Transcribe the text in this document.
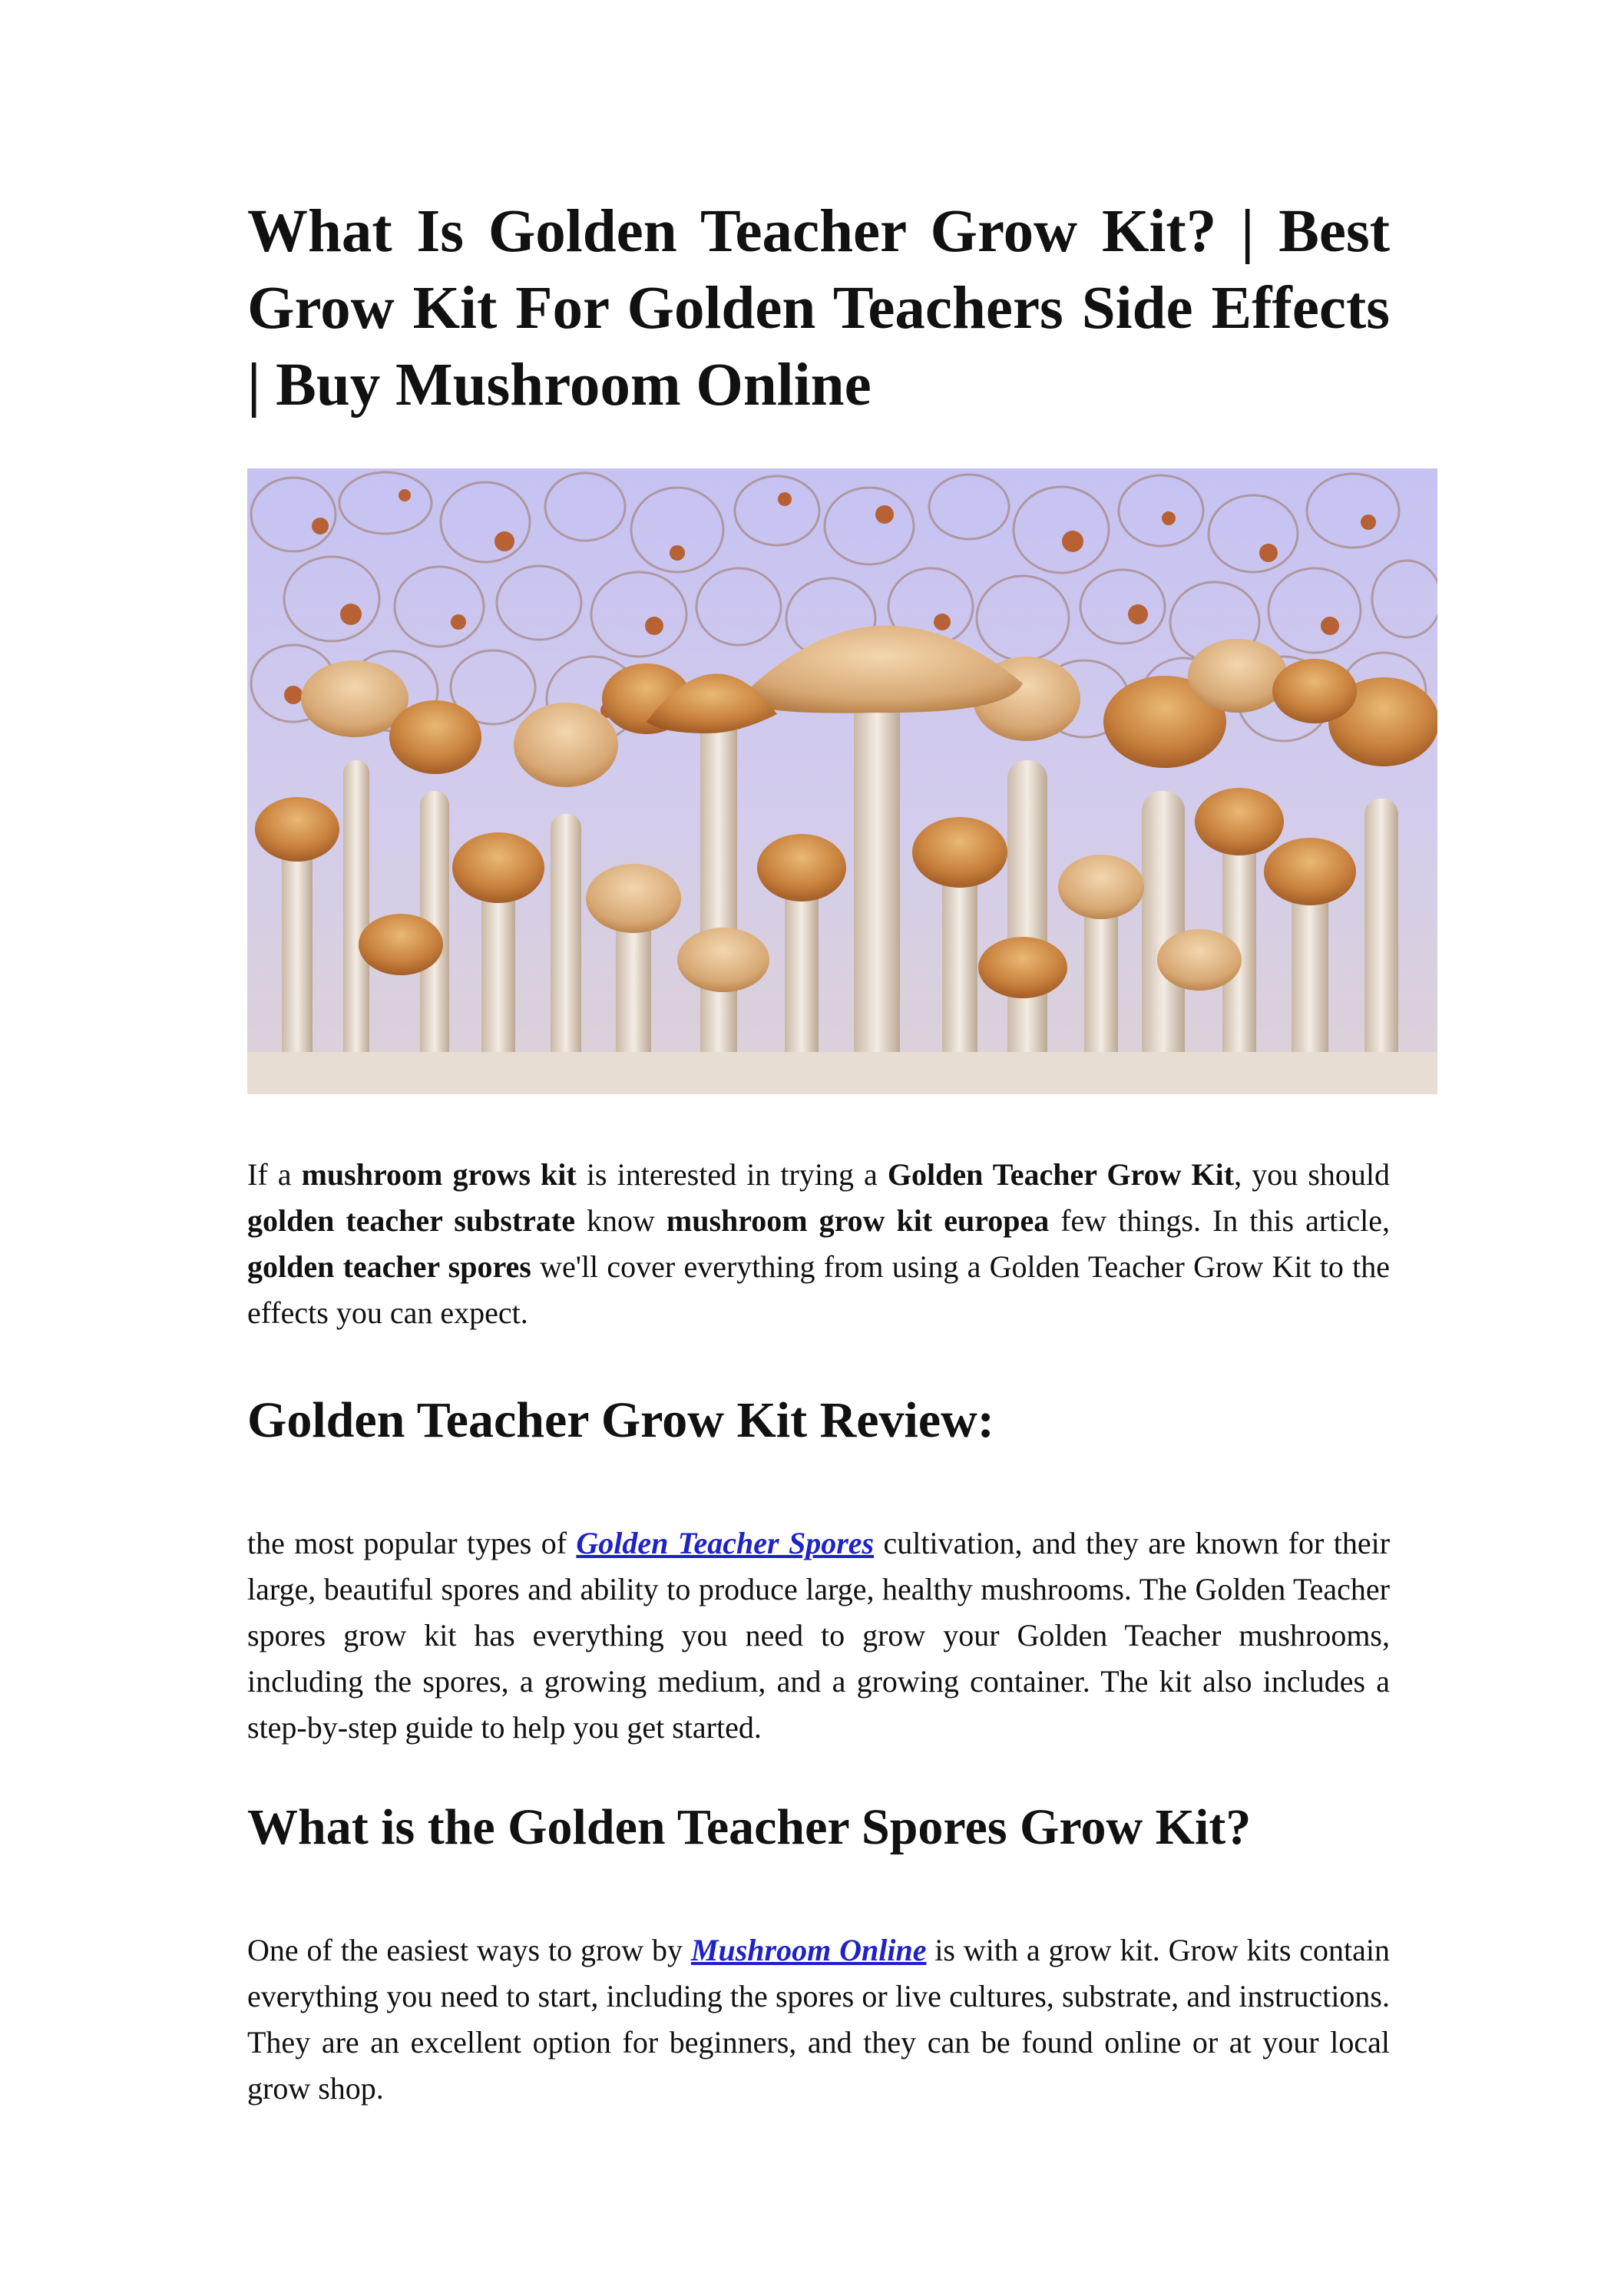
What Is Golden Teacher Grow Kit? | Best Grow Kit For Golden Teachers Side Effects | Buy Mushroom Online

If a mushroom grows kit is interested in trying a Golden Teacher Grow Kit, you should golden teacher substrate know mushroom grow kit europea few things. In this article, golden teacher spores we'll cover everything from using a Golden Teacher Grow Kit to the effects you can expect.

Golden Teacher Grow Kit Review:

the most popular types of Golden Teacher Spores cultivation, and they are known for their large, beautiful spores and ability to produce large, healthy mushrooms. The Golden Teacher spores grow kit has everything you need to grow your Golden Teacher mushrooms, including the spores, a growing medium, and a growing container. The kit also includes a step-by-step guide to help you get started.

What is the Golden Teacher Spores Grow Kit?

One of the easiest ways to grow by Mushroom Online is with a grow kit. Grow kits contain everything you need to start, including the spores or live cultures, substrate, and instructions. They are an excellent option for beginners, and they can be found online or at your local grow shop.
